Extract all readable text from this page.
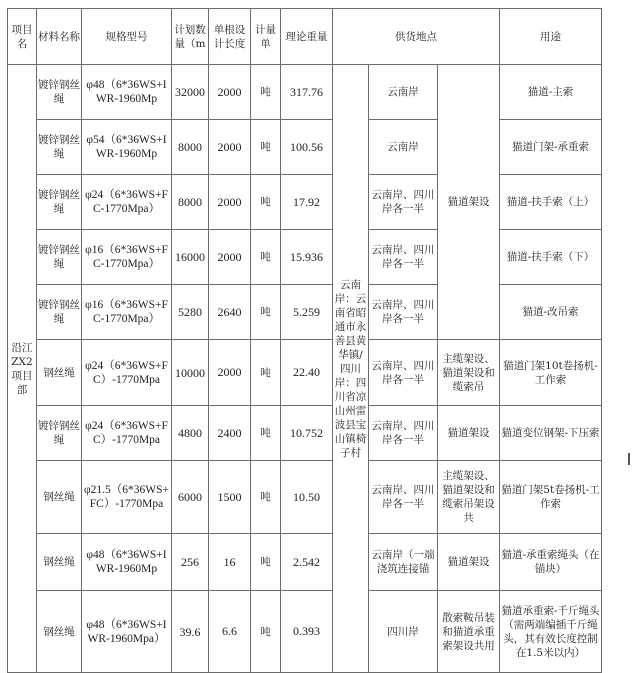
项目名	材料名称	规格型号	计划数量（m	单根设计长度	计量单	理论重量	供货地点			用途

沿江ZX2项目部	镀锌钢丝绳	φ48（6*36WS+IWR-1960Mp	32000	2000	吨	317.76	云南岸：云南省昭通市永善县黄华镇/四川岸：四川省凉山州雷波县宝山镇椅子村	云南岸	猫道架设	猫道-主索

	镀锌钢丝绳	φ54（6*36WS+IWR-1960Mp	8000	2000	吨	100.56		云南岸		猫道门架-承重索

	镀锌钢丝绳	φ24（6*36WS+FC-1770Mpa）	8000	2000	吨	17.92		云南岸、四川岸各一半		猫道-扶手索（上）

	镀锌钢丝绳	φ16（6*36WS+FC-1770Mpa）	16000	2000	吨	15.936		云南岸、四川岸各一半		猫道-扶手索（下）

	镀锌钢丝绳	φ16（6*36WS+FC-1770Mpa）	5280	2640	吨	5.259		云南岸、四川岸各一半		猫道-改吊索

	钢丝绳	φ24（6*36WS+FC）-1770Mpa	10000	2000	吨	22.40		云南岸、四川岸各一半	主缆架设、猫道架设和缆索吊	猫道门架10t卷扬机-工作索

	镀锌钢丝绳	φ24（6*36WS+FC）-1770Mpa	4800	2400	吨	10.752		云南岸、四川岸各一半	猫道架设	猫道变位钢架-下压索

	钢丝绳	φ21.5（6*36WS+FC）-1770Mpa	6000	1500	吨	10.50		云南岸、四川岸各一半	主缆架设、猫道架设和缆索吊架设共	猫道门架5t卷扬机-工作索

	钢丝绳	φ48（6*36WS+IWR-1960Mp	256	16	吨	2.542		云南岸（一端浇筑连接锚	猫道架设	猫道-承重索绳头（在锚块）

	钢丝绳	φ48（6*36WS+IWR-1960Mpa）	39.6	6.6	吨	0.393		四川岸	散索鞍吊装和猫道承重索架设共用	猫道承重索-千斤绳头（需两端编插千斤绳头，其有效长度控制在1.5米以内）
